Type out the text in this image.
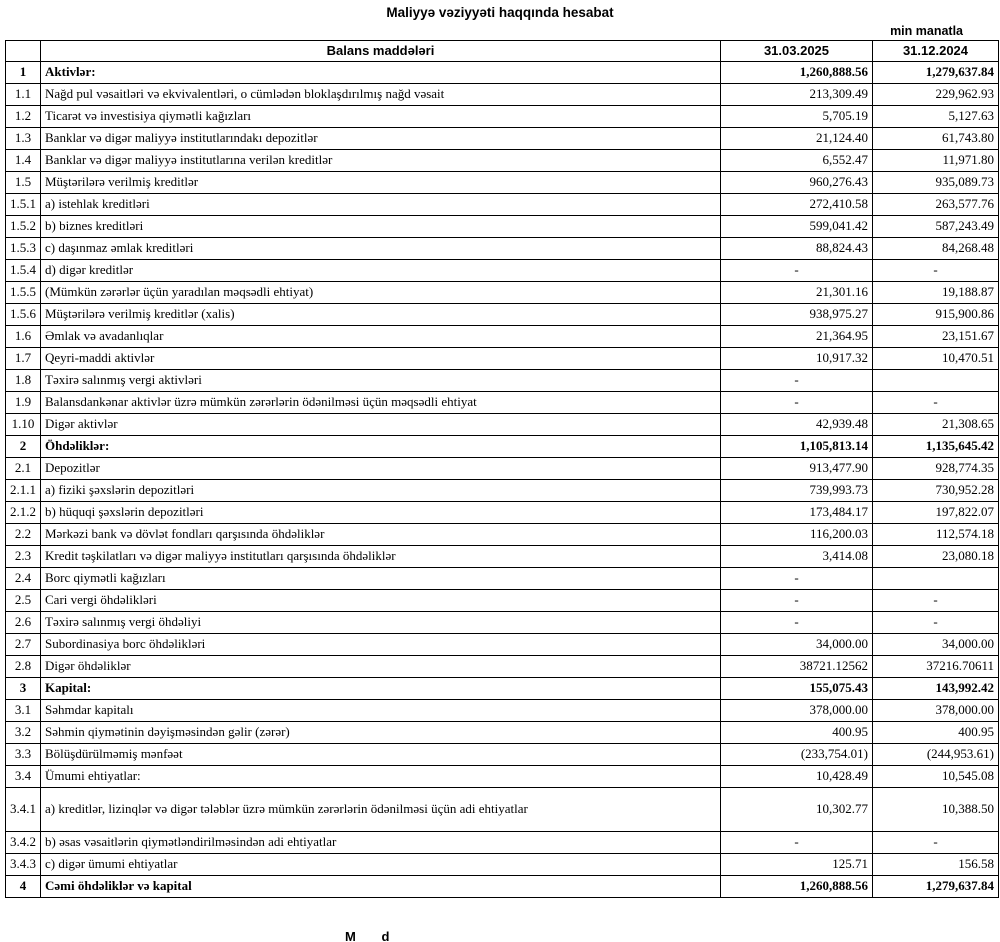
Maliyyə vəziyyəti haqqında hesabat
min manatla
	Balans maddələri	31.03.2025	31.12.2024
1	Aktivlər:	1,260,888.56	1,279,637.84
1.1	Nağd pul vəsaitləri və ekvivalentləri, o cümlədən bloklaşdırılmış nağd vəsait	213,309.49	229,962.93
1.2	Ticarət və investisiya qiymətli kağızları	5,705.19	5,127.63
1.3	Banklar və digər maliyyə institutlarındakı depozitlər	21,124.40	61,743.80
1.4	Banklar və digər maliyyə institutlarına verilən kreditlər	6,552.47	11,971.80
1.5	Müştərilərə verilmiş kreditlər	960,276.43	935,089.73
1.5.1	a) istehlak kreditləri	272,410.58	263,577.76
1.5.2	b) biznes kreditləri	599,041.42	587,243.49
1.5.3	c) daşınmaz əmlak kreditləri	88,824.43	84,268.48
1.5.4	d) digər kreditlər	-	-
1.5.5	(Mümkün zərərlər üçün yaradılan məqsədli ehtiyat)	21,301.16	19,188.87
1.5.6	Müştərilərə verilmiş kreditlər (xalis)	938,975.27	915,900.86
1.6	Əmlak və avadanlıqlar	21,364.95	23,151.67
1.7	Qeyri-maddi aktivlər	10,917.32	10,470.51
1.8	Təxirə salınmış vergi aktivləri	-	
1.9	Balansdankənar aktivlər üzrə mümkün zərərlərin ödənilməsi üçün məqsədli ehtiyat	-	-
1.10	Digər aktivlər	42,939.48	21,308.65
2	Öhdəliklər:	1,105,813.14	1,135,645.42
2.1	Depozitlər	913,477.90	928,774.35
2.1.1	a) fiziki şəxslərin depozitləri	739,993.73	730,952.28
2.1.2	b) hüquqi şəxslərin depozitləri	173,484.17	197,822.07
2.2	Mərkəzi bank və dövlət fondları qarşısında öhdəliklər	116,200.03	112,574.18
2.3	Kredit təşkilatları və digər maliyyə institutları qarşısında öhdəliklər	3,414.08	23,080.18
2.4	Borc qiymətli kağızları	-	
2.5	Cari vergi öhdəlikləri	-	-
2.6	Təxirə salınmış vergi öhdəliyi	-	-
2.7	Subordinasiya borc öhdəlikləri	34,000.00	34,000.00
2.8	Digər öhdəliklər	38721.12562	37216.70611
3	Kapital:	155,075.43	143,992.42
3.1	Səhmdar kapitalı	378,000.00	378,000.00
3.2	Səhmin qiymətinin dəyişməsindən gəlir (zərər)	400.95	400.95
3.3	Bölüşdürülməmiş mənfəət	(233,754.01)	(244,953.61)
3.4	Ümumi ehtiyatlar:	10,428.49	10,545.08
3.4.1	a) kreditlər, lizinqlər və digər tələblər üzrə mümkün zərərlərin ödənilməsi üçün adi ehtiyatlar	10,302.77	10,388.50
3.4.2	b) əsas vəsaitlərin qiymətləndirilməsindən adi ehtiyatlar	-	-
3.4.3	c) digər ümumi ehtiyatlar	125.71	156.58
4	Cəmi öhdəliklər və kapital	1,260,888.56	1,279,637.84
M d
